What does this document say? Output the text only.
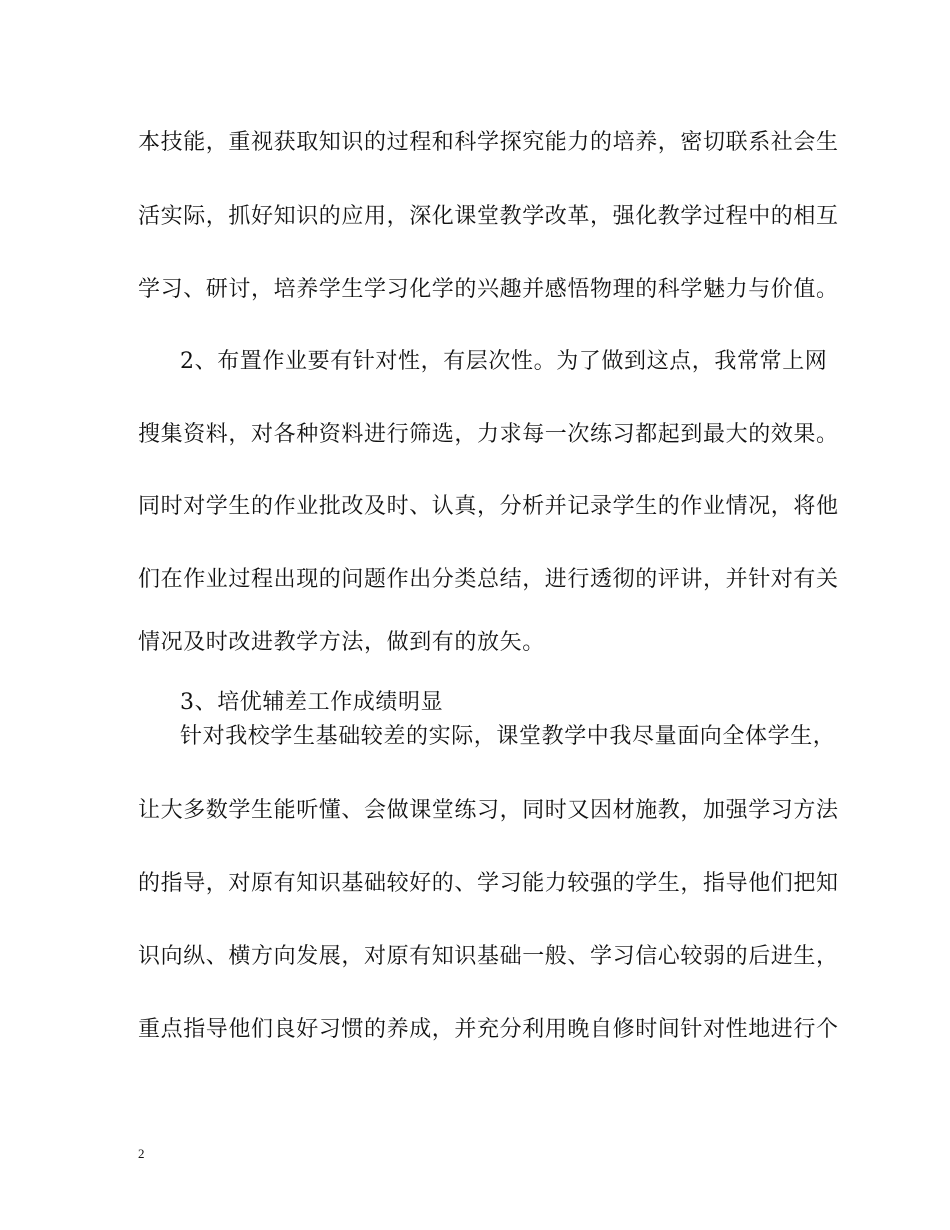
本技能，重视获取知识的过程和科学探究能力的培养，密切联系社会生
活实际，抓好知识的应用，深化课堂教学改革，强化教学过程中的相互
学习、研讨，培养学生学习化学的兴趣并感悟物理的科学魅力与价值。
2、布置作业要有针对性，有层次性。为了做到这点，我常常上网
搜集资料，对各种资料进行筛选，力求每一次练习都起到最大的效果。
同时对学生的作业批改及时、认真，分析并记录学生的作业情况，将他
们在作业过程出现的问题作出分类总结，进行透彻的评讲，并针对有关
情况及时改进教学方法，做到有的放矢。
3、培优辅差工作成绩明显
针对我校学生基础较差的实际，课堂教学中我尽量面向全体学生，
让大多数学生能听懂、会做课堂练习，同时又因材施教，加强学习方法
的指导，对原有知识基础较好的、学习能力较强的学生，指导他们把知
识向纵、横方向发展，对原有知识基础一般、学习信心较弱的后进生，
重点指导他们良好习惯的养成，并充分利用晚自修时间针对性地进行个
2
